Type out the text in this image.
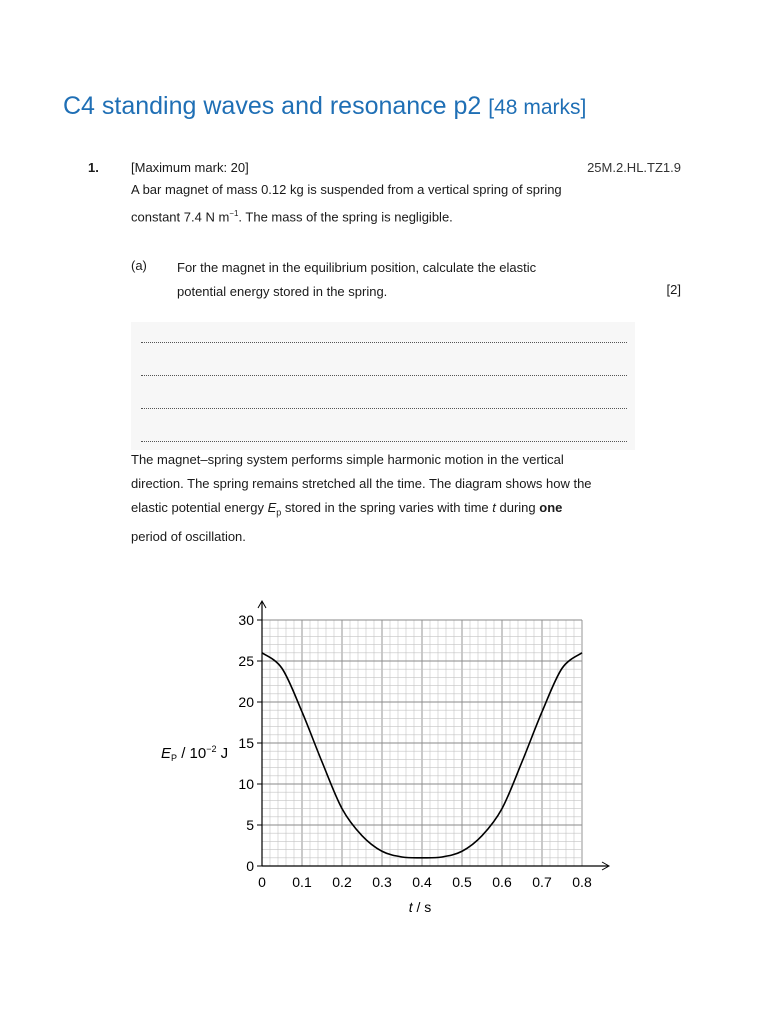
C4 standing waves and resonance p2 [48 marks]
1. [Maximum mark: 20]	25M.2.HL.TZ1.9
A bar magnet of mass 0.12 kg is suspended from a vertical spring of spring
constant 7.4 N $m^{-1}$. The mass of the spring is negligible.
(a) For the magnet in the equilibrium position, calculate the elastic
potential energy stored in the spring.	[2]
The magnet–spring system performs simple harmonic motion in the vertical
direction. The spring remains stretched all the time. The diagram shows how the
elastic potential energy $E_p$ stored in the spring varies with time t during one
period of oscillation.
0 0.1 0.2 0.3 0.4 0.5 0.6 0.7 0.8
0
5
10
15
20
25
30
$E_P / 10^{-2}$ J
t / s
